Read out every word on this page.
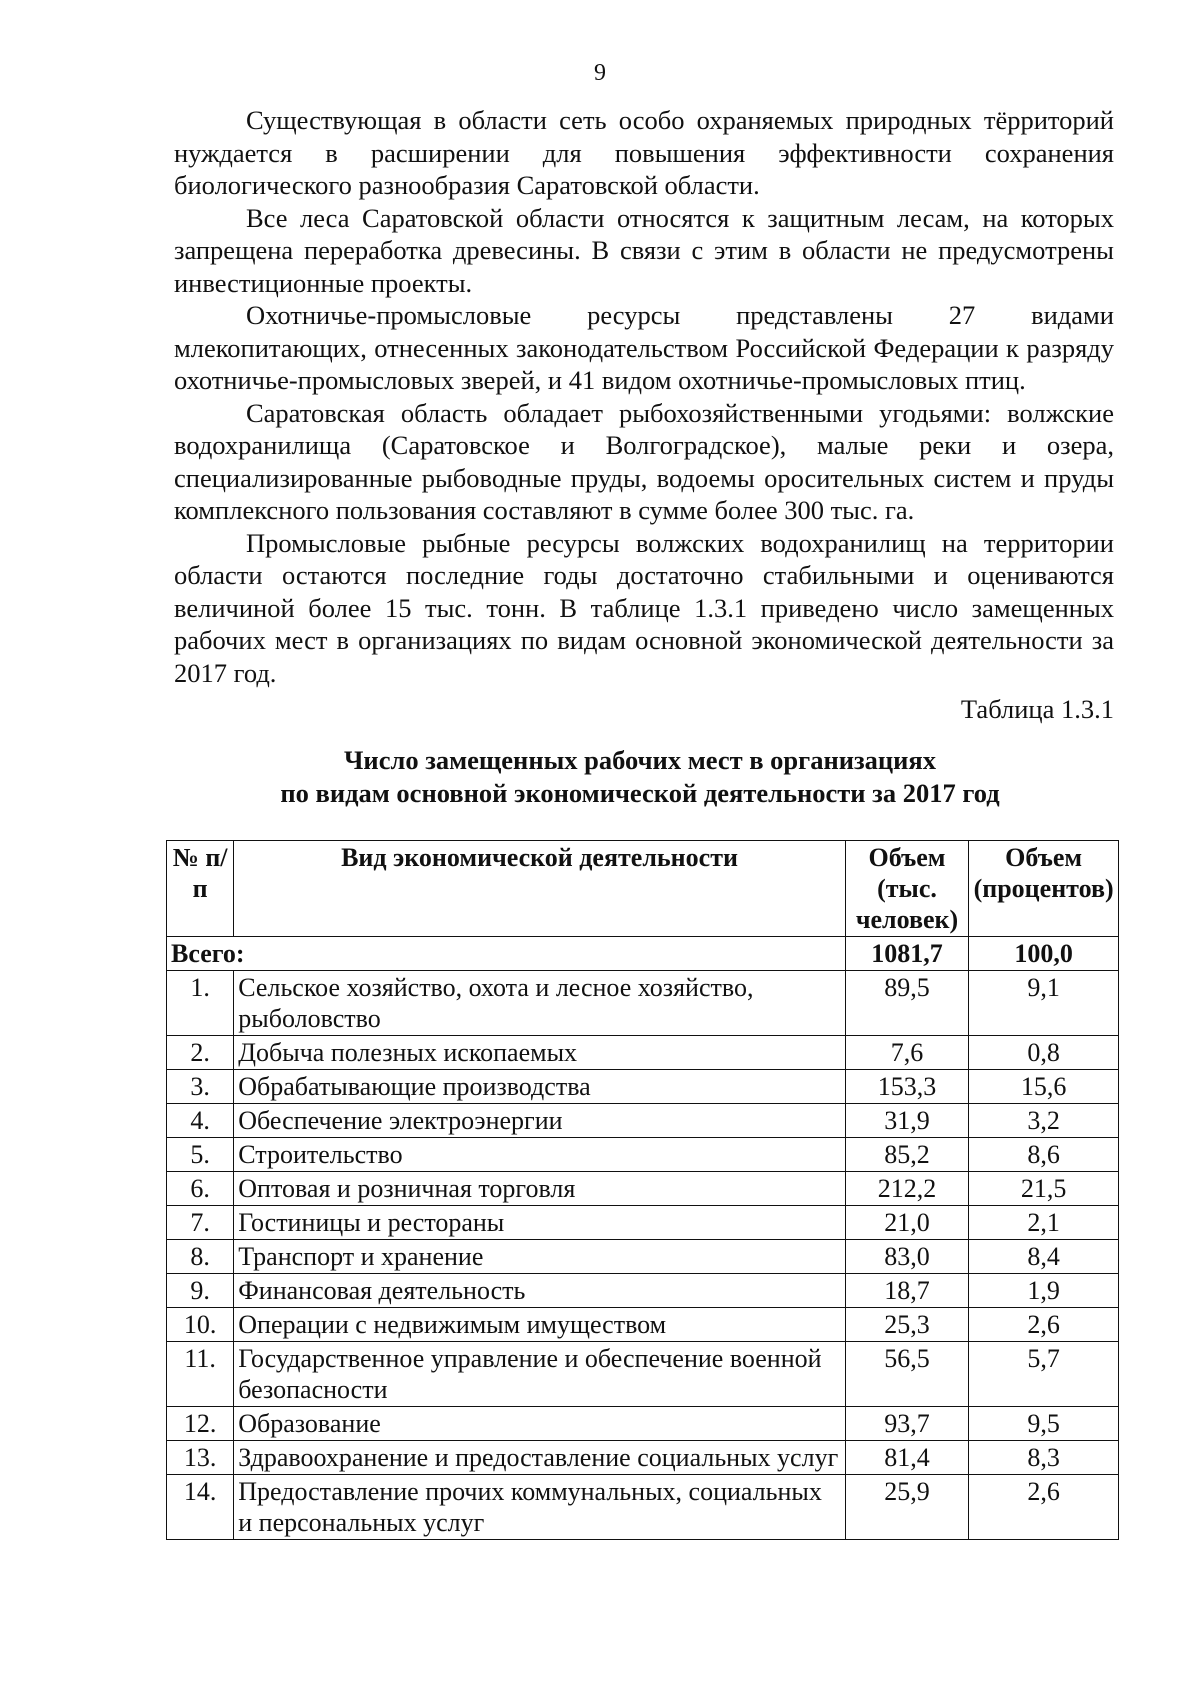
9

Существующая в области сеть особо охраняемых природных тёрриторий нуждается в расширении для повышения эффективности сохранения биологического разнообразия Саратовской области.

Все леса Саратовской области относятся к защитным лесам, на которых запрещена переработка древесины. В связи с этим в области не предусмотрены инвестиционные проекты.

Охотничье-промысловые ресурсы представлены 27 видами млекопитающих, отнесенных законодательством Российской Федерации к разряду охотничье-промысловых зверей, и 41 видом охотничье-промысловых птиц.

Саратовская область обладает рыбохозяйственными угодьями: волжские водохранилища (Саратовское и Волгоградское), малые реки и озера, специализированные рыбоводные пруды, водоемы оросительных систем и пруды комплексного пользования составляют в сумме более 300 тыс. га.

Промысловые рыбные ресурсы волжских водохранилищ на территории области остаются последние годы достаточно стабильными и оцениваются величиной более 15 тыс. тонн. В таблице 1.3.1 приведено число замещенных рабочих мест в организациях по видам основной экономической деятельности за 2017 год.

Таблица 1.3.1
Число замещенных рабочих мест в организациях
по видам основной экономической деятельности за 2017 год
№ п/п	Вид экономической деятельности	Объем (тыс. человек)	Объем (процентов)
Всего:		1081,7	100,0
1.	Сельское хозяйство, охота и лесное хозяйство, рыболовство	89,5	9,1
2.	Добыча полезных ископаемых	7,6	0,8
3.	Обрабатывающие производства	153,3	15,6
4.	Обеспечение электроэнергии	31,9	3,2
5.	Строительство	85,2	8,6
6.	Оптовая и розничная торговля	212,2	21,5
7.	Гостиницы и рестораны	21,0	2,1
8.	Транспорт и хранение	83,0	8,4
9.	Финансовая деятельность	18,7	1,9
10.	Операции с недвижимым имуществом	25,3	2,6
11.	Государственное управление и обеспечение военной безопасности	56,5	5,7
12.	Образование	93,7	9,5
13.	Здравоохранение и предоставление социальных услуг	81,4	8,3
14.	Предоставление прочих коммунальных, социальных и персональных услуг	25,9	2,6
